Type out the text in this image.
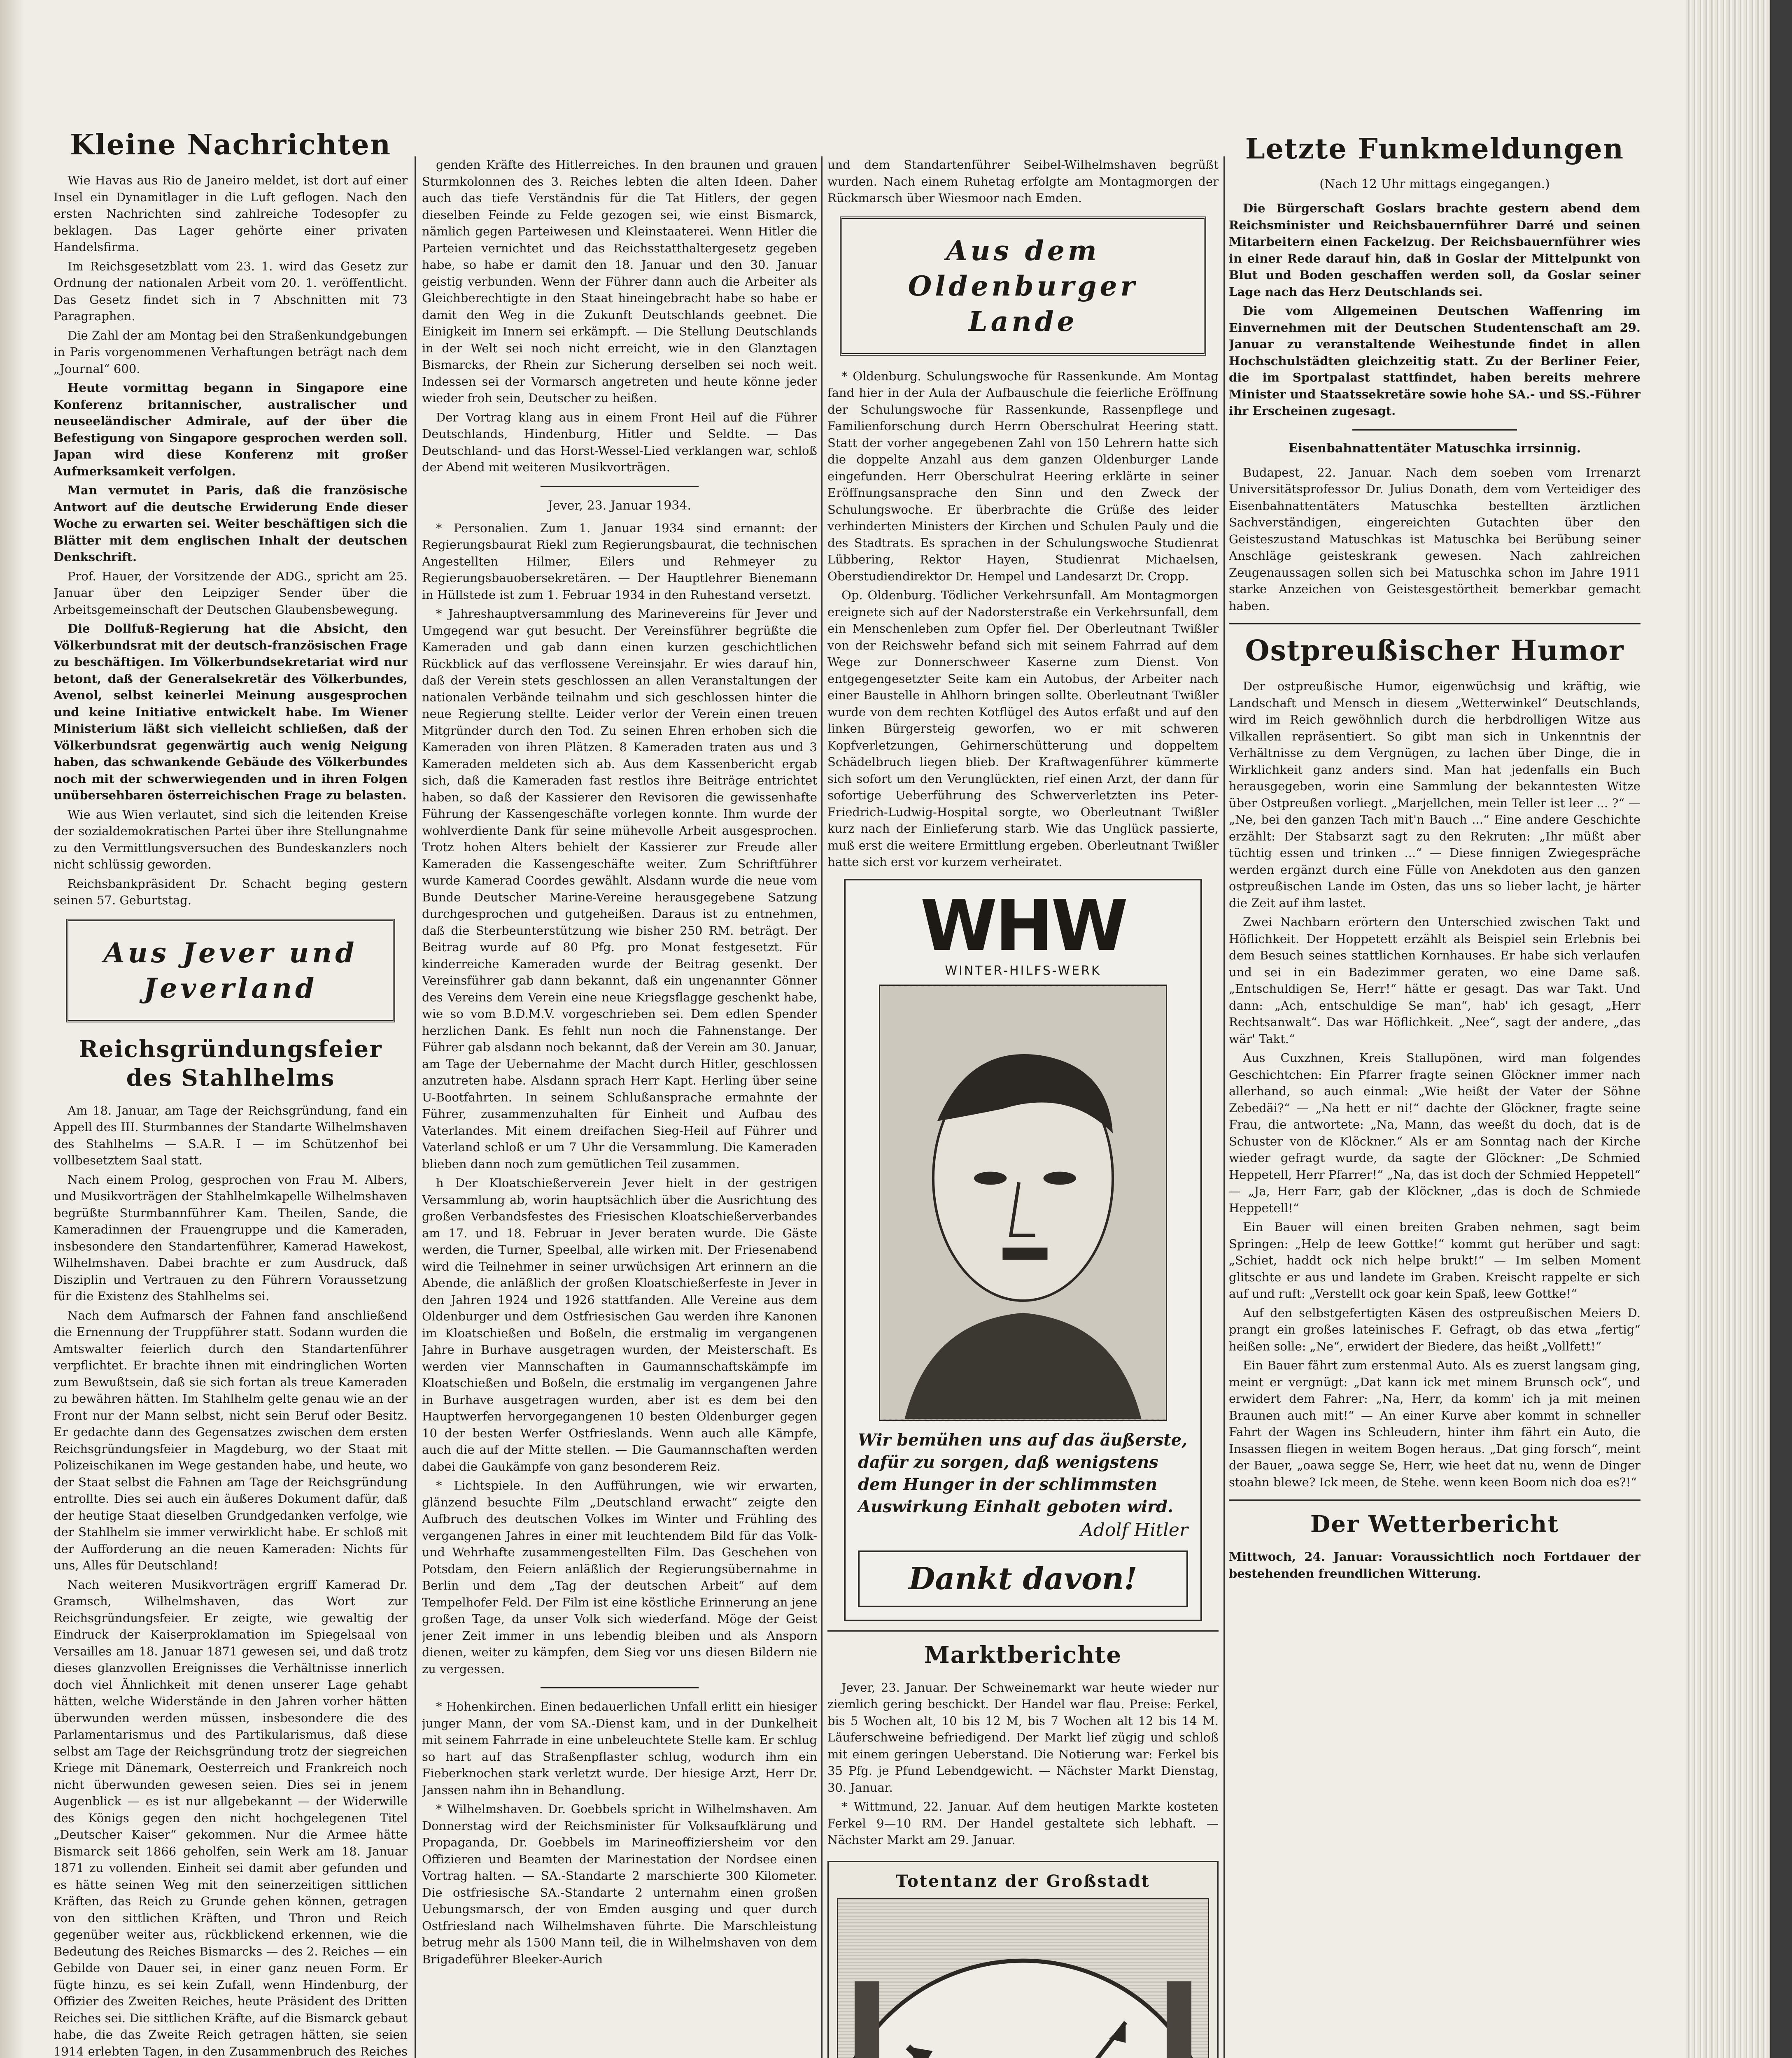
Kleine Nachrichten
Wie Havas aus Rio de Janeiro meldet, ist dort auf einer Insel ein Dynamitlager in die Luft geflogen. Nach den ersten Nachrichten sind zahlreiche Todesopfer zu beklagen. Das Lager gehörte einer privaten Handelsfirma.
Im Reichsgesetzblatt vom 23. 1. wird das Gesetz zur Ordnung der nationalen Arbeit vom 20. 1. veröffentlicht. Das Gesetz findet sich in 7 Abschnitten mit 73 Paragraphen.
Die Zahl der am Montag bei den Straßenkundgebungen in Paris vorgenommenen Verhaftungen beträgt nach dem „Journal“ 600.
Heute vormittag begann in Singapore eine Konferenz britannischer, australischer und neuseeländischer Admirale, auf der über die Befestigung von Singapore gesprochen werden soll. Japan wird diese Konferenz mit großer Aufmerksamkeit verfolgen.
Man vermutet in Paris, daß die französische Antwort auf die deutsche Erwiderung Ende dieser Woche zu erwarten sei. Weiter beschäftigen sich die Blätter mit dem englischen Inhalt der deutschen Denkschrift.
Prof. Hauer, der Vorsitzende der ADG., spricht am 25. Januar über den Leipziger Sender über die Arbeitsgemeinschaft der Deutschen Glaubensbewegung.
Die Dollfuß-Regierung hat die Absicht, den Völkerbundsrat mit der deutsch-französischen Frage zu beschäftigen. Im Völkerbundsekretariat wird nur betont, daß der Generalsekretär des Völkerbundes, Avenol, selbst keinerlei Meinung ausgesprochen und keine Initiative entwickelt habe. Im Wiener Ministerium läßt sich vielleicht schließen, daß der Völkerbundsrat gegenwärtig auch wenig Neigung haben, das schwankende Gebäude des Völkerbundes noch mit der schwerwiegenden und in ihren Folgen unübersehbaren österreichischen Frage zu belasten.
Wie aus Wien verlautet, sind sich die leitenden Kreise der sozialdemokratischen Partei über ihre Stellungnahme zu den Vermittlungsversuchen des Bundeskanzlers noch nicht schlüssig geworden.
Reichsbankpräsident Dr. Schacht beging gestern seinen 57. Geburtstag.
Aus Jever und Jeverland
Reichsgründungsfeier des Stahlhelms
Am 18. Januar, am Tage der Reichsgründung, fand ein Appell des III. Sturmbannes der Standarte Wilhelmshaven des Stahlhelms — S.A.R. I — im Schützenhof bei vollbesetztem Saal statt.
Nach einem Prolog, gesprochen von Frau M. Albers, und Musikvorträgen der Stahlhelmkapelle Wilhelmshaven begrüßte Sturmbannführer Kam. Theilen, Sande, die Kameradinnen der Frauengruppe und die Kameraden, insbesondere den Standartenführer, Kamerad Hawekost, Wilhelmshaven. Dabei brachte er zum Ausdruck, daß Disziplin und Vertrauen zu den Führern Voraussetzung für die Existenz des Stahlhelms sei.
Nach dem Aufmarsch der Fahnen fand anschließend die Ernennung der Truppführer statt. Sodann wurden die Amtswalter feierlich durch den Standartenführer verpflichtet. Er brachte ihnen mit eindringlichen Worten zum Bewußtsein, daß sie sich fortan als treue Kameraden zu bewähren hätten. Im Stahlhelm gelte genau wie an der Front nur der Mann selbst, nicht sein Beruf oder Besitz. Er gedachte dann des Gegensatzes zwischen dem ersten Reichsgründungsfeier in Magdeburg, wo der Staat mit Polizeischikanen im Wege gestanden habe, und heute, wo der Staat selbst die Fahnen am Tage der Reichsgründung entrollte. Dies sei auch ein äußeres Dokument dafür, daß der heutige Staat dieselben Grundgedanken verfolge, wie der Stahlhelm sie immer verwirklicht habe. Er schloß mit der Aufforderung an die neuen Kameraden: Nichts für uns, Alles für Deutschland!
Nach weiteren Musikvorträgen ergriff Kamerad Dr. Gramsch, Wilhelmshaven, das Wort zur Reichsgründungsfeier. Er zeigte, wie gewaltig der Eindruck der Kaiserproklamation im Spiegelsaal von Versailles am 18. Januar 1871 gewesen sei, und daß trotz dieses glanzvollen Ereignisses die Verhältnisse innerlich doch viel Ähnlichkeit mit denen unserer Lage gehabt hätten, welche Widerstände in den Jahren vorher hätten überwunden werden müssen, insbesondere die des Parlamentarismus und des Partikularismus, daß diese selbst am Tage der Reichsgründung trotz der siegreichen Kriege mit Dänemark, Oesterreich und Frankreich noch nicht überwunden gewesen seien. Dies sei in jenem Augenblick — es ist nur allgebekannt — der Widerwille des Königs gegen den nicht hochgelegenen Titel „Deutscher Kaiser“ gekommen. Nur die Armee hätte Bismarck seit 1866 geholfen, sein Werk am 18. Januar 1871 zu vollenden. Einheit sei damit aber gefunden und es hätte seinen Weg mit den seinerzeitigen sittlichen Kräften, das Reich zu Grunde gehen können, getragen von den sittlichen Kräften, und Thron und Reich gegenüber weiter aus, rückblickend erkennen, wie die Bedeutung des Reiches Bismarcks — des 2. Reiches — ein Gebilde von Dauer sei, in einer ganz neuen Form. Er fügte hinzu, es sei kein Zufall, wenn Hindenburg, der Offizier des Zweiten Reiches, heute Präsident des Dritten Reiches sei. Die sittlichen Kräfte, auf die Bismarck gebaut habe, die das Zweite Reich getragen hätten, sie seien 1914 erlebten Tagen, in den Zusammenbruch des Reiches
genden Kräfte des Hitlerreiches. In den braunen und grauen Sturmkolonnen des 3. Reiches lebten die alten Ideen. Daher auch das tiefe Verständnis für die Tat Hitlers, der gegen dieselben Feinde zu Felde gezogen sei, wie einst Bismarck, nämlich gegen Parteiwesen und Kleinstaaterei. Wenn Hitler die Parteien vernichtet und das Reichsstatthaltergesetz gegeben habe, so habe er damit den 18. Januar und den 30. Januar geistig verbunden. Wenn der Führer dann auch die Arbeiter als Gleichberechtigte in den Staat hineingebracht habe so habe er damit den Weg in die Zukunft Deutschlands geebnet. Die Einigkeit im Innern sei erkämpft. — Die Stellung Deutschlands in der Welt sei noch nicht erreicht, wie in den Glanztagen Bismarcks, der Rhein zur Sicherung derselben sei noch weit. Indessen sei der Vormarsch angetreten und heute könne jeder wieder froh sein, Deutscher zu heißen.
Der Vortrag klang aus in einem Front Heil auf die Führer Deutschlands, Hindenburg, Hitler und Seldte. — Das Deutschland- und das Horst-Wessel-Lied verklangen war, schloß der Abend mit weiteren Musikvorträgen.
Jever, 23. Januar 1934.
* Personalien. Zum 1. Januar 1934 sind ernannt: der Regierungsbaurat Riekl zum Regierungsbaurat, die technischen Angestellten Hilmer, Eilers und Rehmeyer zu Regierungsbauobersekretären. — Der Hauptlehrer Bienemann in Hüllstede ist zum 1. Februar 1934 in den Ruhestand versetzt.
* Jahreshauptversammlung des Marinevereins für Jever und Umgegend war gut besucht. Der Vereinsführer begrüßte die Kameraden und gab dann einen kurzen geschichtlichen Rückblick auf das verflossene Vereinsjahr. Er wies darauf hin, daß der Verein stets geschlossen an allen Veranstaltungen der nationalen Verbände teilnahm und sich geschlossen hinter die neue Regierung stellte. Leider verlor der Verein einen treuen Mitgründer durch den Tod. Zu seinen Ehren erhoben sich die Kameraden von ihren Plätzen. 8 Kameraden traten aus und 3 Kameraden meldeten sich ab. Aus dem Kassenbericht ergab sich, daß die Kameraden fast restlos ihre Beiträge entrichtet haben, so daß der Kassierer den Revisoren die gewissenhafte Führung der Kassengeschäfte vorlegen konnte. Ihm wurde der wohlverdiente Dank für seine mühevolle Arbeit ausgesprochen. Trotz hohen Alters behielt der Kassierer zur Freude aller Kameraden die Kassengeschäfte weiter. Zum Schriftführer wurde Kamerad Coordes gewählt. Alsdann wurde die neue vom Bunde Deutscher Marine-Vereine herausgegebene Satzung durchgesprochen und gutgeheißen. Daraus ist zu entnehmen, daß die Sterbeunterstützung wie bisher 250 RM. beträgt. Der Beitrag wurde auf 80 Pfg. pro Monat festgesetzt. Für kinderreiche Kameraden wurde der Beitrag gesenkt. Der Vereinsführer gab dann bekannt, daß ein ungenannter Gönner des Vereins dem Verein eine neue Kriegsflagge geschenkt habe, wie so vom B.D.M.V. vorgeschrieben sei. Dem edlen Spender herzlichen Dank. Es fehlt nun noch die Fahnenstange. Der Führer gab alsdann noch bekannt, daß der Verein am 30. Januar, am Tage der Uebernahme der Macht durch Hitler, geschlossen anzutreten habe. Alsdann sprach Herr Kapt. Herling über seine U-Bootfahrten. In seinem Schlußansprache ermahnte der Führer, zusammenzuhalten für Einheit und Aufbau des Vaterlandes. Mit einem dreifachen Sieg-Heil auf Führer und Vaterland schloß er um 7 Uhr die Versammlung. Die Kameraden blieben dann noch zum gemütlichen Teil zusammen.
h Der Kloatschießerverein Jever hielt in der gestrigen Versammlung ab, worin hauptsächlich über die Ausrichtung des großen Verbandsfestes des Friesischen Kloatschießerverbandes am 17. und 18. Februar in Jever beraten wurde. Die Gäste werden, die Turner, Speelbal, alle wirken mit. Der Friesenabend wird die Teilnehmer in seiner urwüchsigen Art erinnern an die Abende, die anläßlich der großen Kloatschießerfeste in Jever in den Jahren 1924 und 1926 stattfanden. Alle Vereine aus dem Oldenburger und dem Ostfriesischen Gau werden ihre Kanonen im Kloatschießen und Boßeln, die erstmalig im vergangenen Jahre in Burhave ausgetragen wurden, der Meisterschaft. Es werden vier Mannschaften in Gaumannschaftskämpfe im Kloatschießen und Boßeln, die erstmalig im vergangenen Jahre in Burhave ausgetragen wurden, aber ist es dem bei den Hauptwerfen hervorgegangenen 10 besten Oldenburger gegen 10 der besten Werfer Ostfrieslands. Wenn auch alle Kämpfe, auch die auf der Mitte stellen. — Die Gaumannschaften werden dabei die Gaukämpfe von ganz besonderem Reiz.
* Lichtspiele. In den Aufführungen, wie wir erwarten, glänzend besuchte Film „Deutschland erwacht“ zeigte den Aufbruch des deutschen Volkes im Winter und Frühling des vergangenen Jahres in einer mit leuchtendem Bild für das Volk- und Wehrhafte zusammengestellten Film. Das Geschehen von Potsdam, den Feiern anläßlich der Regierungsübernahme in Berlin und dem „Tag der deutschen Arbeit“ auf dem Tempelhofer Feld. Der Film ist eine köstliche Erinnerung an jene großen Tage, da unser Volk sich wiederfand. Möge der Geist jener Zeit immer in uns lebendig bleiben und als Ansporn dienen, weiter zu kämpfen, dem Sieg vor uns diesen Bildern nie zu vergessen.
* Hohenkirchen. Einen bedauerlichen Unfall erlitt ein hiesiger junger Mann, der vom SA.-Dienst kam, und in der Dunkelheit mit seinem Fahrrade in eine unbeleuchtete Stelle kam. Er schlug so hart auf das Straßenpflaster schlug, wodurch ihm ein Fieberknochen stark verletzt wurde. Der hiesige Arzt, Herr Dr. Janssen nahm ihn in Behandlung.
* Wilhelmshaven. Dr. Goebbels spricht in Wilhelmshaven. Am Donnerstag wird der Reichsminister für Volksaufklärung und Propaganda, Dr. Goebbels im Marineoffiziersheim vor den Offizieren und Beamten der Marinestation der Nordsee einen Vortrag halten. — SA.-Standarte 2 marschierte 300 Kilometer. Die ostfriesische SA.-Standarte 2 unternahm einen großen Uebungsmarsch, der von Emden ausging und quer durch Ostfriesland nach Wilhelmshaven führte. Die Marschleistung betrug mehr als 1500 Mann teil, die in Wilhelmshaven von dem Brigadeführer Bleeker-Aurich
und dem Standartenführer Seibel-Wilhelmshaven begrüßt wurden. Nach einem Ruhetag erfolgte am Montagmorgen der Rückmarsch über Wiesmoor nach Emden.
Aus dem Oldenburger Lande
* Oldenburg. Schulungswoche für Rassenkunde. Am Montag fand hier in der Aula der Aufbauschule die feierliche Eröffnung der Schulungswoche für Rassenkunde, Rassenpflege und Familienforschung durch Herrn Oberschulrat Heering statt. Statt der vorher angegebenen Zahl von 150 Lehrern hatte sich die doppelte Anzahl aus dem ganzen Oldenburger Lande eingefunden. Herr Oberschulrat Heering erklärte in seiner Eröffnungsansprache den Sinn und den Zweck der Schulungswoche. Er überbrachte die Grüße des leider verhinderten Ministers der Kirchen und Schulen Pauly und die des Stadtrats. Es sprachen in der Schulungswoche Studienrat Lübbering, Rektor Hayen, Studienrat Michaelsen, Oberstudiendirektor Dr. Hempel und Landesarzt Dr. Cropp.
Op. Oldenburg. Tödlicher Verkehrsunfall. Am Montagmorgen ereignete sich auf der Nadorsterstraße ein Verkehrsunfall, dem ein Menschenleben zum Opfer fiel. Der Oberleutnant Twißler von der Reichswehr befand sich mit seinem Fahrrad auf dem Wege zur Donnerschweer Kaserne zum Dienst. Von entgegengesetzter Seite kam ein Autobus, der Arbeiter nach einer Baustelle in Ahlhorn bringen sollte. Oberleutnant Twißler wurde von dem rechten Kotflügel des Autos erfaßt und auf den linken Bürgersteig geworfen, wo er mit schweren Kopfverletzungen, Gehirnerschütterung und doppeltem Schädelbruch liegen blieb. Der Kraftwagenführer kümmerte sich sofort um den Verunglückten, rief einen Arzt, der dann für sofortige Ueberführung des Schwerverletzten ins Peter-Friedrich-Ludwig-Hospital sorgte, wo Oberleutnant Twißler kurz nach der Einlieferung starb. Wie das Unglück passierte, muß erst die weitere Ermittlung ergeben. Oberleutnant Twißler hatte sich erst vor kurzem verheiratet.
WHW
WINTER-HILFS-WERK
Wir bemühen uns auf das äußerste, dafür zu sorgen, daß wenigstens dem Hunger in der schlimmsten Auswirkung Einhalt geboten wird.
Adolf Hitler
Dankt davon!
Marktberichte
Jever, 23. Januar. Der Schweinemarkt war heute wieder nur ziemlich gering beschickt. Der Handel war flau. Preise: Ferkel, bis 5 Wochen alt, 10 bis 12 M, bis 7 Wochen alt 12 bis 14 M. Läuferschweine befriedigend. Der Markt lief zügig und schloß mit einem geringen Ueberstand. Die Notierung war: Ferkel bis 35 Pfg. je Pfund Lebendgewicht. — Nächster Markt Dienstag, 30. Januar.
* Wittmund, 22. Januar. Auf dem heutigen Markte kosteten Ferkel 9—10 RM. Der Handel gestaltete sich lebhaft. — Nächster Markt am 29. Januar.
Totentanz der Großstadt
Letzte Funkmeldungen
(Nach 12 Uhr mittags eingegangen.)
Die Bürgerschaft Goslars brachte gestern abend dem Reichsminister und Reichsbauernführer Darré und seinen Mitarbeitern einen Fackelzug. Der Reichsbauernführer wies in einer Rede darauf hin, daß in Goslar der Mittelpunkt von Blut und Boden geschaffen werden soll, da Goslar seiner Lage nach das Herz Deutschlands sei.
Die vom Allgemeinen Deutschen Waffenring im Einvernehmen mit der Deutschen Studentenschaft am 29. Januar zu veranstaltende Weihestunde findet in allen Hochschulstädten gleichzeitig statt. Zu der Berliner Feier, die im Sportpalast stattfindet, haben bereits mehrere Minister und Staatssekretäre sowie hohe SA.- und SS.-Führer ihr Erscheinen zugesagt.
Eisenbahnattentäter Matuschka irrsinnig.
Budapest, 22. Januar. Nach dem soeben vom Irrenarzt Universitätsprofessor Dr. Julius Donath, dem vom Verteidiger des Eisenbahnattentäters Matuschka bestellten ärztlichen Sachverständigen, eingereichten Gutachten über den Geisteszustand Matuschkas ist Matuschka bei Berübung seiner Anschläge geisteskrank gewesen. Nach zahlreichen Zeugenaussagen sollen sich bei Matuschka schon im Jahre 1911 starke Anzeichen von Geistesgestörtheit bemerkbar gemacht haben.
Ostpreußischer Humor
Der ostpreußische Humor, eigenwüchsig und kräftig, wie Landschaft und Mensch in diesem „Wetterwinkel“ Deutschlands, wird im Reich gewöhnlich durch die herbdrolligen Witze aus Vilkallen repräsentiert. So gibt man sich in Unkenntnis der Verhältnisse zu dem Vergnügen, zu lachen über Dinge, die in Wirklichkeit ganz anders sind. Man hat jedenfalls ein Buch herausgegeben, worin eine Sammlung der bekanntesten Witze über Ostpreußen vorliegt. „Marjellchen, mein Teller ist leer ... ?“ — „Ne, bei den ganzen Tach mit'n Bauch ...“ Eine andere Geschichte erzählt: Der Stabsarzt sagt zu den Rekruten: „Ihr müßt aber tüchtig essen und trinken ...“ — Diese finnigen Zwiegespräche werden ergänzt durch eine Fülle von Anekdoten aus den ganzen ostpreußischen Lande im Osten, das uns so lieber lacht, je härter die Zeit auf ihm lastet.
Zwei Nachbarn erörtern den Unterschied zwischen Takt und Höflichkeit. Der Hoppetett erzählt als Beispiel sein Erlebnis bei dem Besuch seines stattlichen Kornhauses. Er habe sich verlaufen und sei in ein Badezimmer geraten, wo eine Dame saß. „Entschuldigen Se, Herr!“ hätte er gesagt. Das war Takt. Und dann: „Ach, entschuldige Se man“, hab' ich gesagt, „Herr Rechtsanwalt“. Das war Höflichkeit. „Nee“, sagt der andere, „das wär' Takt.“
Aus Cuxzhnen, Kreis Stallupönen, wird man folgendes Geschichtchen: Ein Pfarrer fragte seinen Glöckner immer nach allerhand, so auch einmal: „Wie heißt der Vater der Söhne Zebedäi?“ — „Na hett er ni!“ dachte der Glöckner, fragte seine Frau, die antwortete: „Na, Mann, das weeßt du doch, dat is de Schuster von de Klöckner.“ Als er am Sonntag nach der Kirche wieder gefragt wurde, da sagte der Glöckner: „De Schmied Heppetell, Herr Pfarrer!“ „Na, das ist doch der Schmied Heppetell“ — „Ja, Herr Farr, gab der Klöckner, „das is doch de Schmiede Heppetell!“
Ein Bauer will einen breiten Graben nehmen, sagt beim Springen: „Help de leew Gottke!“ kommt gut herüber und sagt: „Schiet, haddt ock nich helpe brukt!“ — Im selben Moment glitschte er aus und landete im Graben. Kreischt rappelte er sich auf und ruft: „Verstellt ock goar kein Spaß, leew Gottke!“
Auf den selbstgefertigten Käsen des ostpreußischen Meiers D. prangt ein großes lateinisches F. Gefragt, ob das etwa „fertig“ heißen solle: „Ne“, erwidert der Biedere, das heißt „Vollfett!“
Ein Bauer fährt zum erstenmal Auto. Als es zuerst langsam ging, meint er vergnügt: „Dat kann ick met minem Brunsch ock“, und erwidert dem Fahrer: „Na, Herr, da komm' ich ja mit meinen Braunen auch mit!“ — An einer Kurve aber kommt in schneller Fahrt der Wagen ins Schleudern, hinter ihm fährt ein Auto, die Insassen fliegen in weitem Bogen heraus. „Dat ging forsch“, meint der Bauer, „oawa segge Se, Herr, wie heet dat nu, wenn de Dinger stoahn blewe? Ick meen, de Stehe. wenn keen Boom nich doa es?!“
Der Wetterbericht
Mittwoch, 24. Januar: Voraussichtlich noch Fortdauer der bestehenden freundlichen Witterung.
